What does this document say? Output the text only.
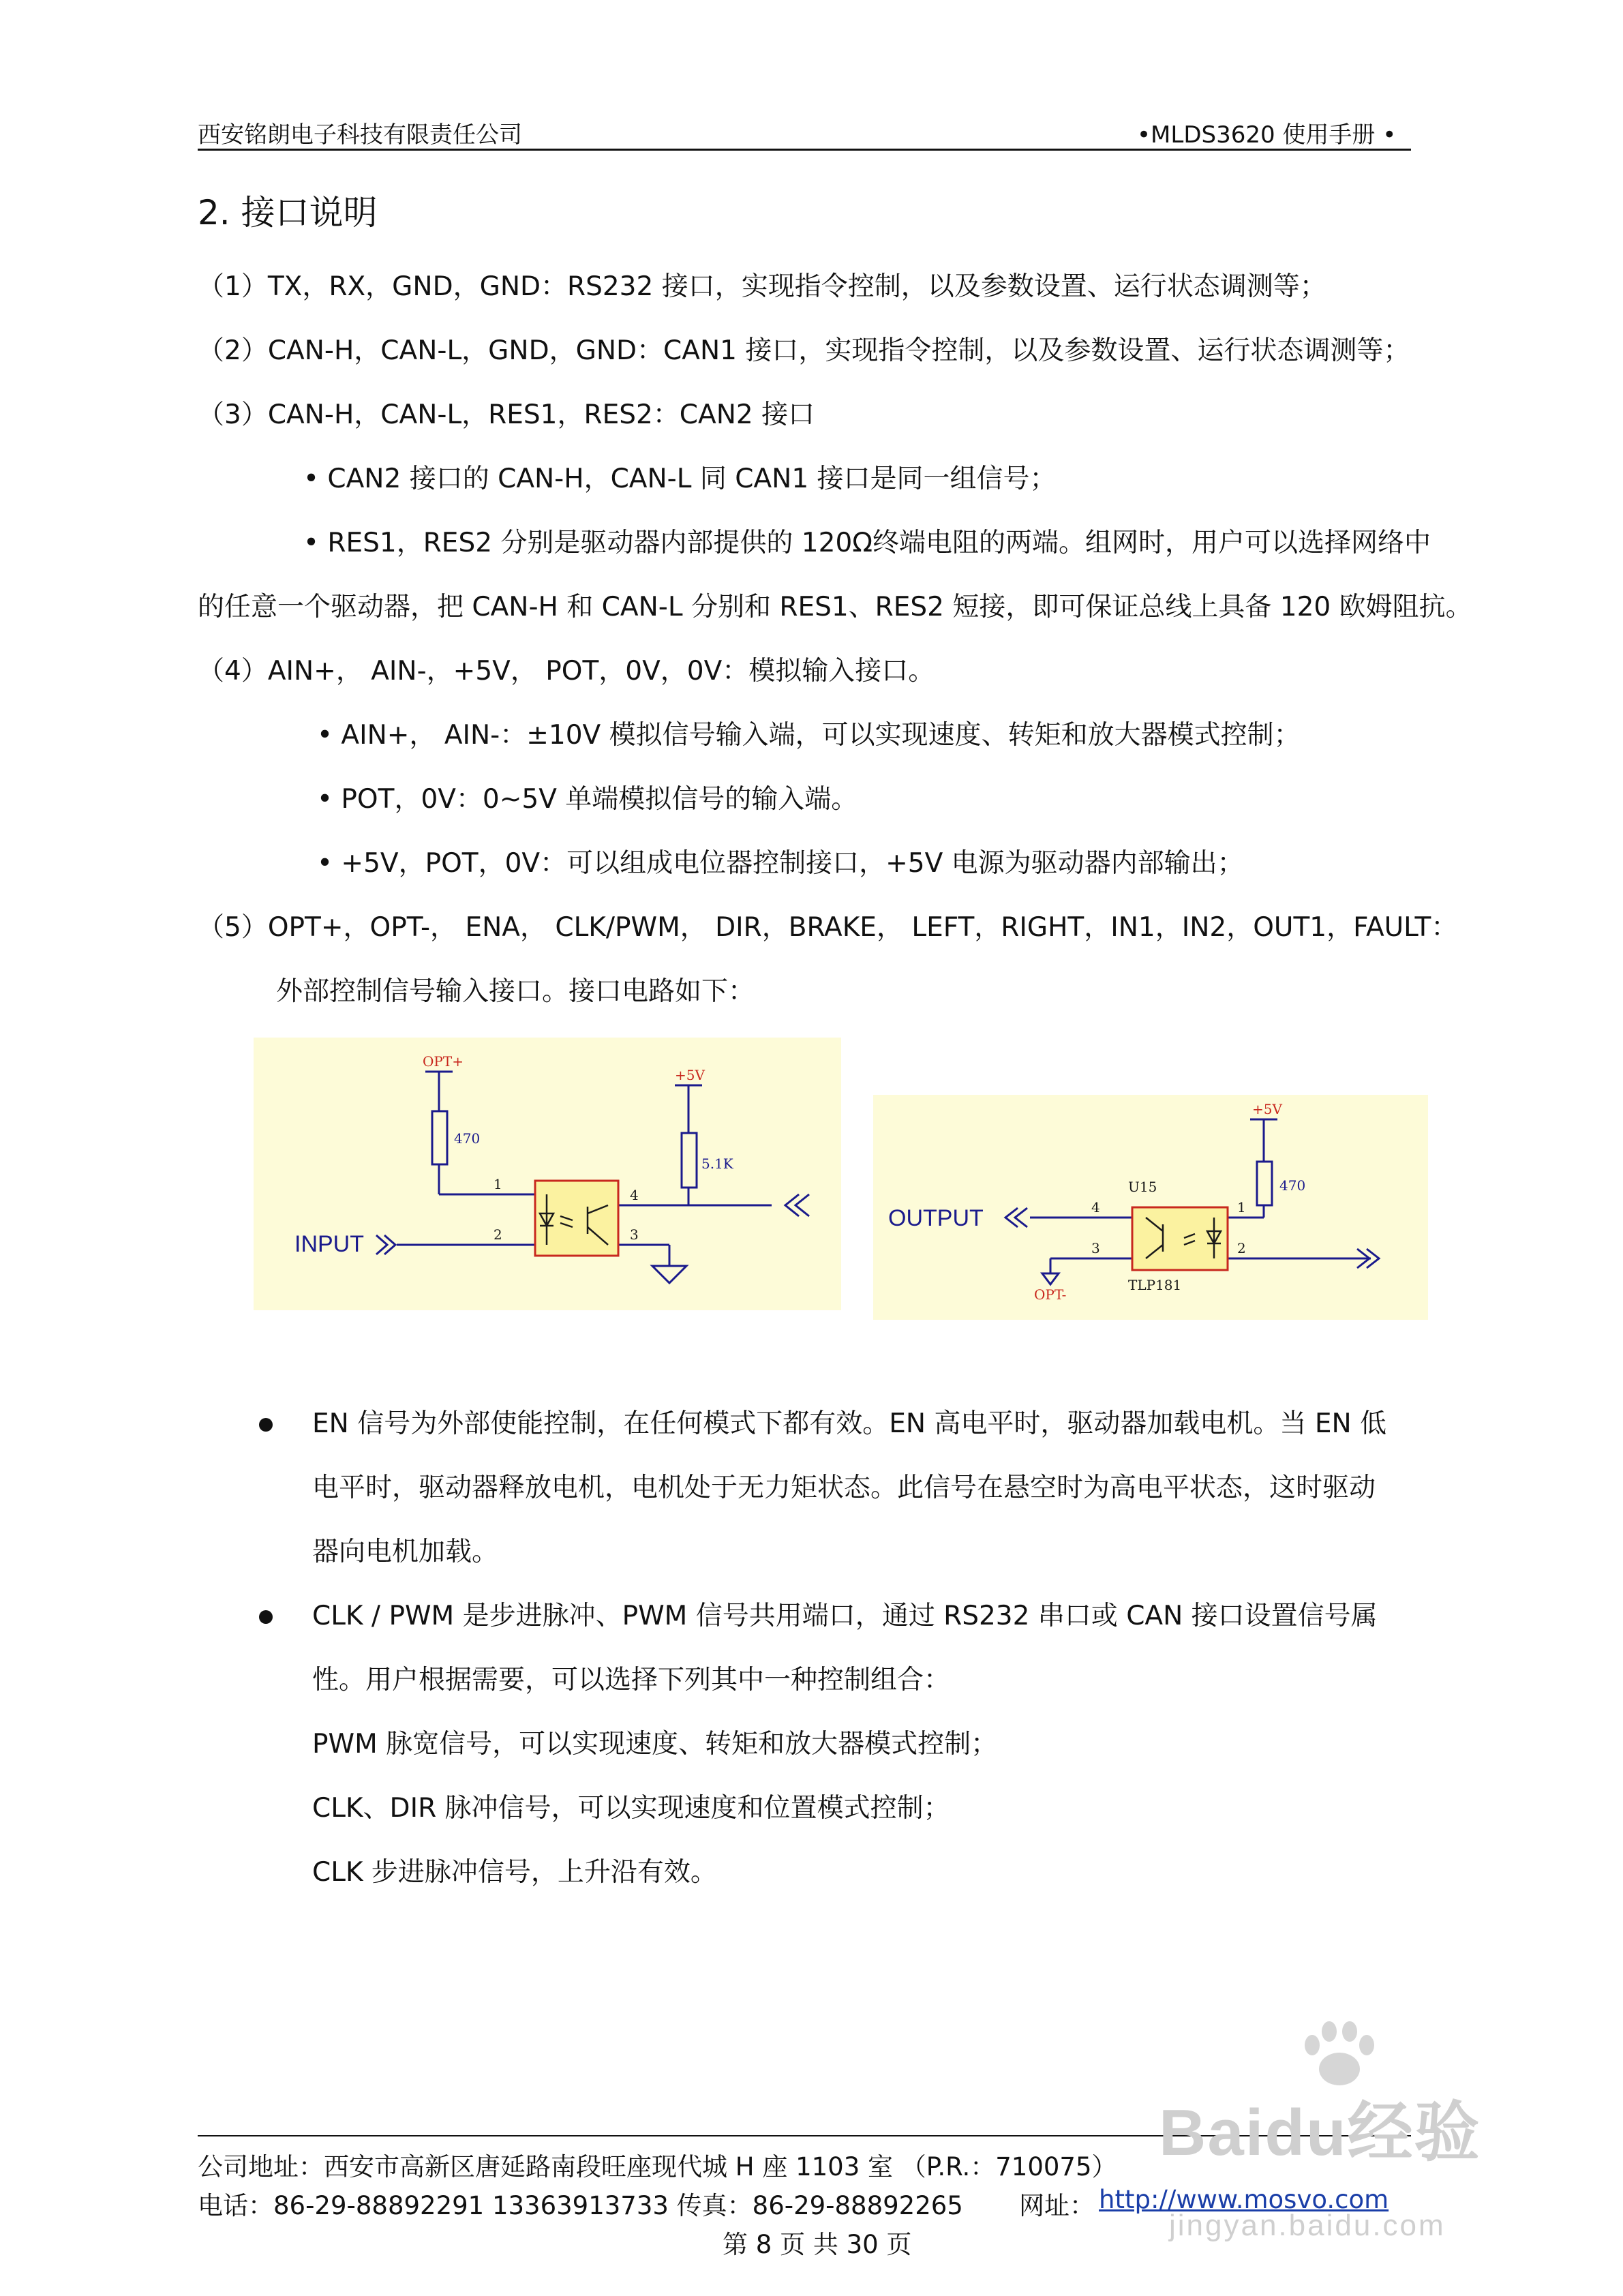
西安铭朗电子科技有限责任公司	•MLDS3620 使用手册 •
2. 接口说明
（1）TX，RX，GND，GND：RS232 接口，实现指令控制，以及参数设置、运行状态调测等；
（2）CAN-H，CAN-L，GND，GND：CAN1 接口，实现指令控制，以及参数设置、运行状态调测等；
（3）CAN-H，CAN-L，RES1，RES2：CAN2 接口
• CAN2 接口的 CAN-H，CAN-L 同 CAN1 接口是同一组信号；
• RES1，RES2 分别是驱动器内部提供的 120Ω终端电阻的两端。组网时，用户可以选择网络中
的任意一个驱动器，把 CAN-H 和 CAN-L 分别和 RES1、RES2 短接，即可保证总线上具备 120 欧姆阻抗。
（4）AIN+， AIN-，+5V， POT，0V，0V：模拟输入接口。
• AIN+， AIN-：±10V 模拟信号输入端，可以实现速度、转矩和放大器模式控制；
• POT，0V：0~5V 单端模拟信号的输入端。
• +5V，POT，0V：可以组成电位器控制接口，+5V 电源为驱动器内部输出；
（5）OPT+，OPT-， ENA， CLK/PWM， DIR，BRAKE， LEFT，RIGHT，IN1，IN2，OUT1，FAULT：
外部控制信号输入接口。接口电路如下：
OPT+
470
+5V
5.1K
INPUT
1
2	3
4
+5V
470
U15
TLP181
OUTPUT
OPT-
1
2
3
4
EN 信号为外部使能控制，在任何模式下都有效。EN 高电平时，驱动器加载电机。当 EN 低
电平时，驱动器释放电机，电机处于无力矩状态。此信号在悬空时为高电平状态，这时驱动
器向电机加载。
CLK / PWM 是步进脉冲、PWM 信号共用端口，通过 RS232 串口或 CAN 接口设置信号属
性。用户根据需要，可以选择下列其中一种控制组合：
PWM 脉宽信号，可以实现速度、转矩和放大器模式控制；
CLK、DIR 脉冲信号，可以实现速度和位置模式控制；
CLK 步进脉冲信号，上升沿有效。
公司地址：西安市高新区唐延路南段旺座现代城 H 座 1103 室 （P.R.：710075）
电话：86-29-88892291 13363913733 传真：86-29-88892265 网址： http://www.mosvo.com
第 8 页 共 30 页
Baidu经验
jingyan.baidu.com
